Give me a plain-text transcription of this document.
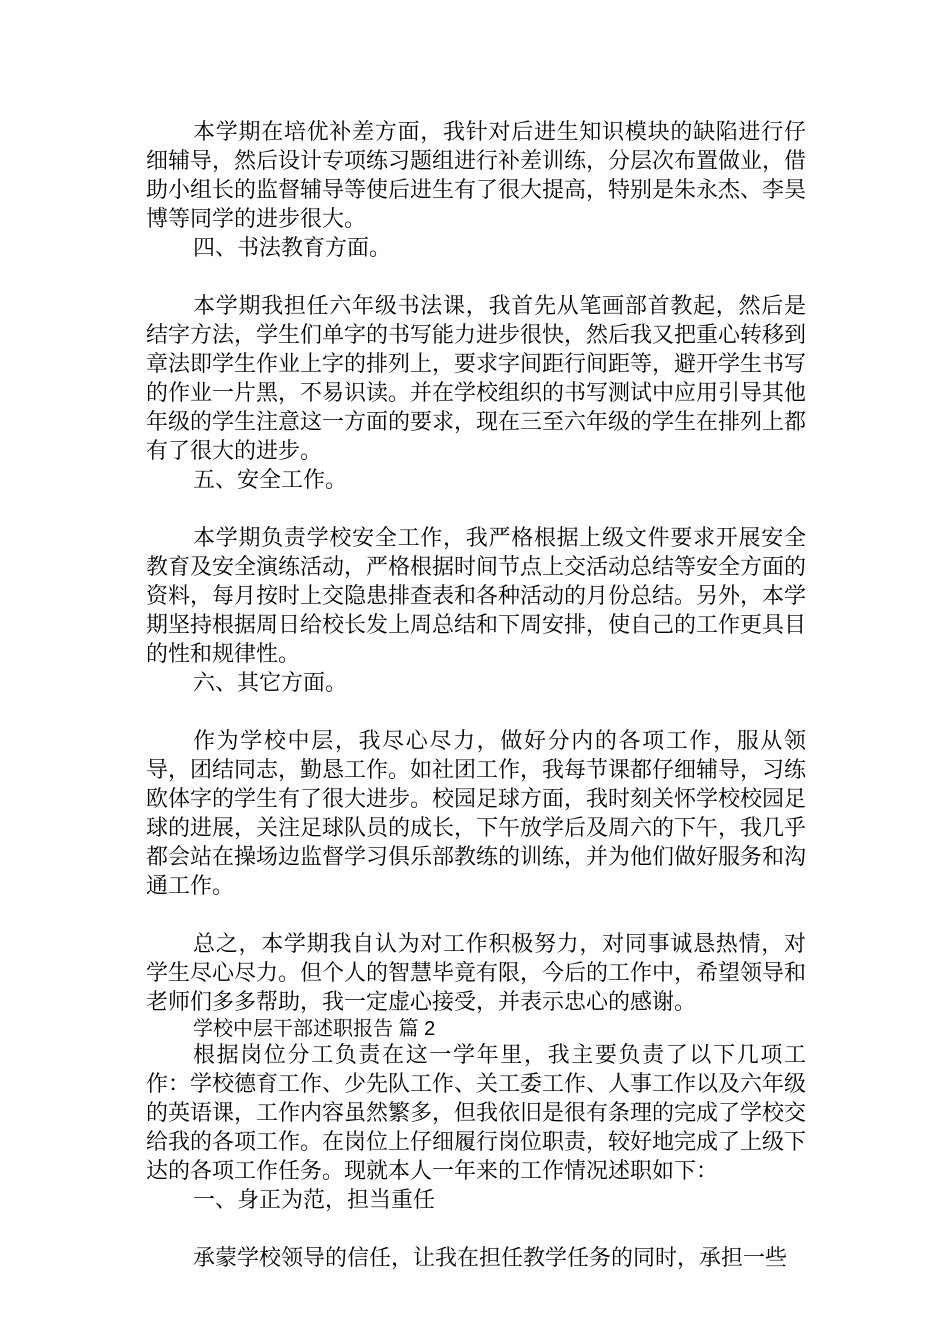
本学期在培优补差方面，我针对后进生知识模块的缺陷进行仔细辅导，然后设计专项练习题组进行补差训练，分层次布置做业，借助小组长的监督辅导等使后进生有了很大提高，特别是朱永杰、李昊博等同学的进步很大。

四、书法教育方面。

本学期我担任六年级书法课，我首先从笔画部首教起，然后是结字方法，学生们单字的书写能力进步很快，然后我又把重心转移到章法即学生作业上字的排列上，要求字间距行间距等，避开学生书写的作业一片黑，不易识读。并在学校组织的书写测试中应用引导其他年级的学生注意这一方面的要求，现在三至六年级的学生在排列上都有了很大的进步。

五、安全工作。

本学期负责学校安全工作，我严格根据上级文件要求开展安全教育及安全演练活动，严格根据时间节点上交活动总结等安全方面的资料，每月按时上交隐患排查表和各种活动的月份总结。另外，本学期坚持根据周日给校长发上周总结和下周安排，使自己的工作更具目的性和规律性。

六、其它方面。

作为学校中层，我尽心尽力，做好分内的各项工作，服从领导，团结同志，勤恳工作。如社团工作，我每节课都仔细辅导，习练欧体字的学生有了很大进步。校园足球方面，我时刻关怀学校校园足球的进展，关注足球队员的成长，下午放学后及周六的下午，我几乎都会站在操场边监督学习俱乐部教练的训练，并为他们做好服务和沟通工作。

总之，本学期我自认为对工作积极努力，对同事诚恳热情，对学生尽心尽力。但个人的智慧毕竟有限，今后的工作中，希望领导和老师们多多帮助，我一定虚心接受，并表示忠心的感谢。

学校中层干部述职报告 篇 2

根据岗位分工负责在这一学年里，我主要负责了以下几项工作：学校德育工作、少先队工作、关工委工作、人事工作以及六年级的英语课，工作内容虽然繁多，但我依旧是很有条理的完成了学校交给我的各项工作。在岗位上仔细履行岗位职责，较好地完成了上级下达的各项工作任务。现就本人一年来的工作情况述职如下：

一、身正为范，担当重任

承蒙学校领导的信任，让我在担任教学任务的同时，承担一些
